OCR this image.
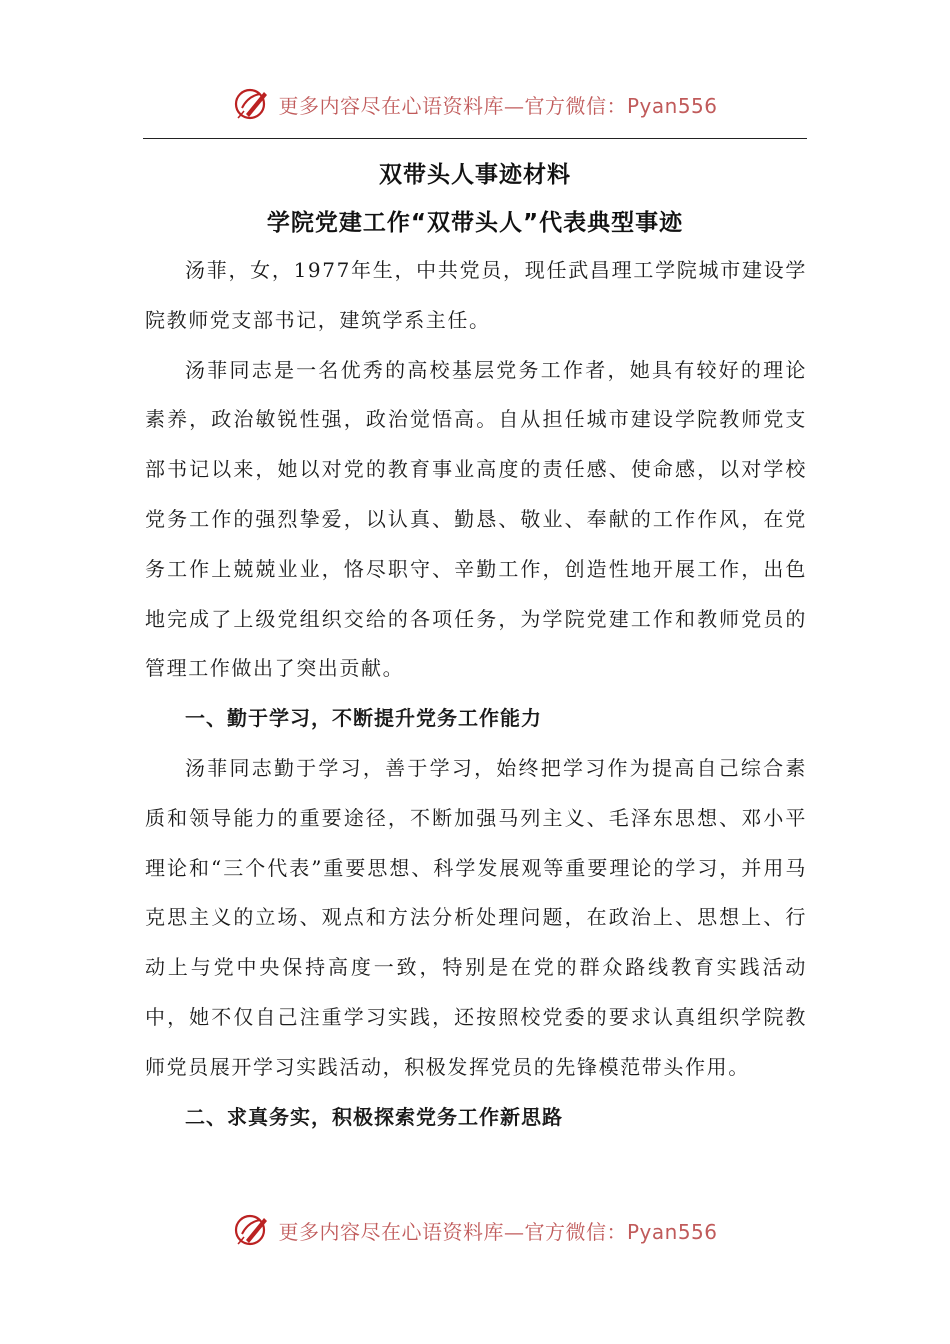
更多内容尽在心语资料库—官方微信：Pyan556
双带头人事迹材料
学院党建工作“双带头人”代表典型事迹

汤菲，女，1977年生，中共党员，现任武昌理工学院城市建设学院教师党支部书记，建筑学系主任。

汤菲同志是一名优秀的高校基层党务工作者，她具有较好的理论素养，政治敏锐性强，政治觉悟高。自从担任城市建设学院教师党支部书记以来，她以对党的教育事业高度的责任感、使命感，以对学校党务工作的强烈挚爱，以认真、勤恳、敬业、奉献的工作作风，在党务工作上兢兢业业，恪尽职守、辛勤工作，创造性地开展工作，出色地完成了上级党组织交给的各项任务，为学院党建工作和教师党员的管理工作做出了突出贡献。

一、勤于学习，不断提升党务工作能力

汤菲同志勤于学习，善于学习，始终把学习作为提高自己综合素质和领导能力的重要途径，不断加强马列主义、毛泽东思想、邓小平理论和“三个代表”重要思想、科学发展观等重要理论的学习，并用马克思主义的立场、观点和方法分析处理问题，在政治上、思想上、行动上与党中央保持高度一致，特别是在党的群众路线教育实践活动中，她不仅自己注重学习实践，还按照校党委的要求认真组织学院教师党员展开学习实践活动，积极发挥党员的先锋模范带头作用。

二、求真务实，积极探索党务工作新思路
更多内容尽在心语资料库—官方微信：Pyan556
